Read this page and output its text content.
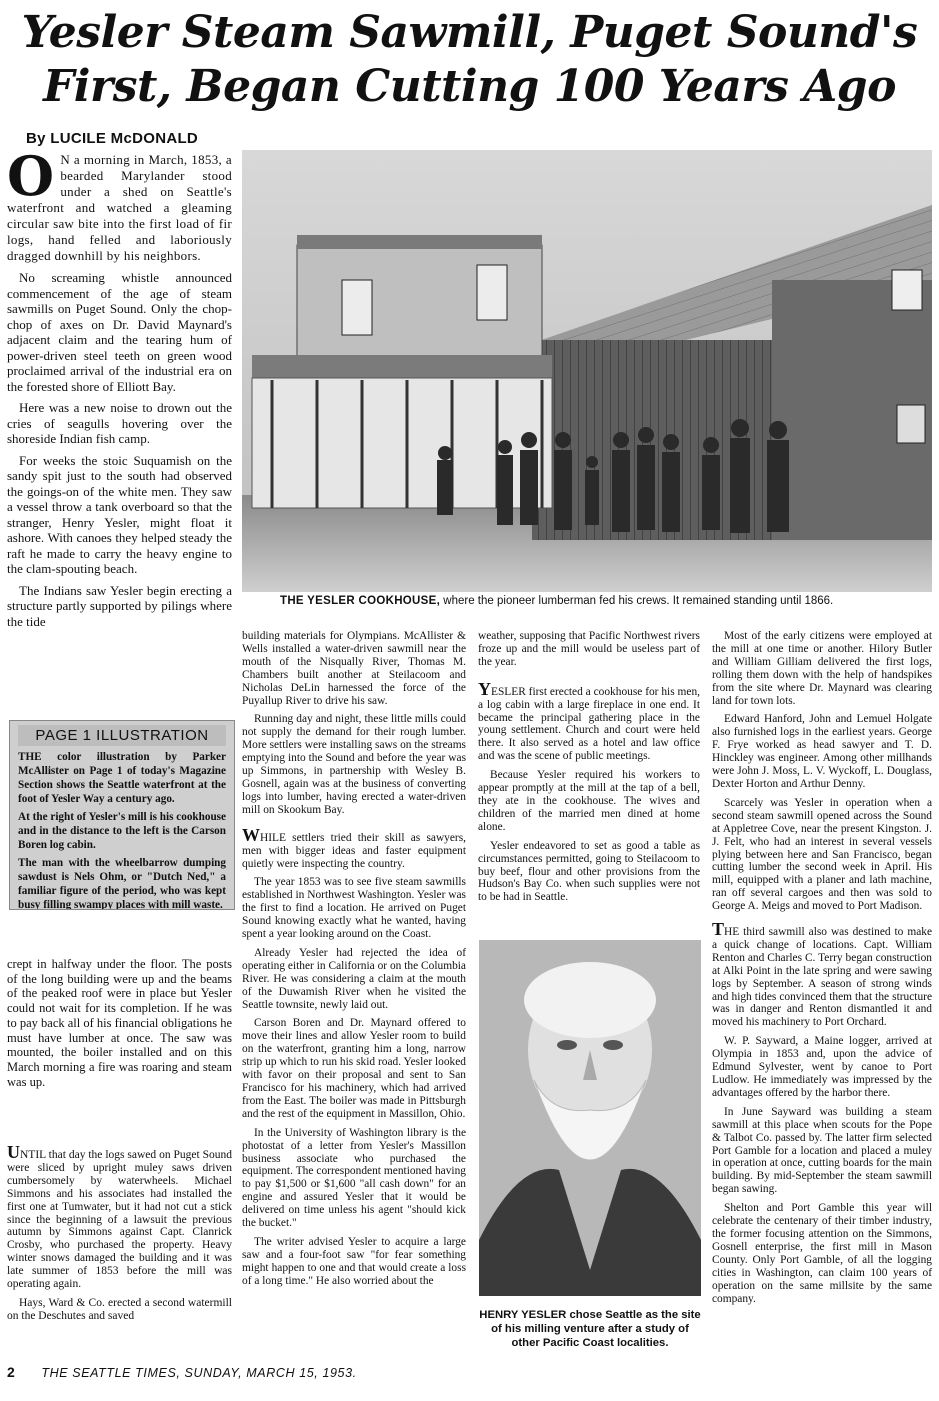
Yesler Steam Sawmill, Puget Sound's First, Began Cutting 100 Years Ago
By LUCILE McDONALD

O N a morning in March, 1853, a bearded Marylander stood under a shed on Seattle's waterfront and watched a gleaming circular saw bite into the first load of fir logs, hand felled and laboriously dragged downhill by his neighbors.

No screaming whistle announced commencement of the age of steam sawmills on Puget Sound. Only the chop-chop of axes on Dr. David Maynard's adjacent claim and the tearing hum of power-driven steel teeth on green wood proclaimed arrival of the industrial era on the forested shore of Elliott Bay.

Here was a new noise to drown out the cries of seagulls hovering over the shoreside Indian fish camp.

For weeks the stoic Suquamish on the sandy spit just to the south had observed the goings-on of the white men. They saw a vessel throw a tank overboard so that the stranger, Henry Yesler, might float it ashore. With canoes they helped steady the raft he made to carry the heavy engine to the clam-spouting beach.

The Indians saw Yesler begin erecting a structure partly supported by pilings where the tide

PAGE 1 ILLUSTRATION

THE color illustration by Parker McAllister on Page 1 of today's Magazine Section shows the Seattle waterfront at the foot of Yesler Way a century ago.

At the right of Yesler's mill is his cookhouse and in the distance to the left is the Carson Boren log cabin.

The man with the wheelbarrow dumping sawdust is Nels Ohm, or "Dutch Ned," a familiar figure of the period, who was kept busy filling swampy places with mill waste.

crept in halfway under the floor. The posts of the long building were up and the beams of the peaked roof were in place but Yesler could not wait for its completion. If he was to pay back all of his financial obligations he must have lumber at once. The saw was mounted, the boiler installed and on this March morning a fire was roaring and steam was up.

UNTIL that day the logs sawed on Puget Sound were sliced by upright muley saws driven cumbersomely by waterwheels. Michael Simmons and his associates had installed the first one at Tumwater, but it had not cut a stick since the beginning of a lawsuit the previous autumn by Simmons against Capt. Clanrick Crosby, who purchased the property. Heavy winter snows damaged the building and it was late summer of 1853 before the mill was operating again.

Hays, Ward & Co. erected a second watermill on the Deschutes and saved

THE YESLER COOKHOUSE, where the pioneer lumberman fed his crews. It remained standing until 1866.

building materials for Olympians. McAllister & Wells installed a water-driven sawmill near the mouth of the Nisqually River, Thomas M. Chambers built another at Steilacoom and Nicholas DeLin harnessed the force of the Puyallup River to drive his saw.

Running day and night, these little mills could not supply the demand for their rough lumber. More settlers were installing saws on the streams emptying into the Sound and before the year was up Simmons, in partnership with Wesley B. Gosnell, again was at the business of converting logs into lumber, having erected a water-driven mill on Skookum Bay.

WHILE settlers tried their skill as sawyers, men with bigger ideas and faster equipment quietly were inspecting the country.

The year 1853 was to see five steam sawmills established in Northwest Washington. Yesler was the first to find a location. He arrived on Puget Sound knowing exactly what he wanted, having spent a year looking around on the Coast.

Already Yesler had rejected the idea of operating either in California or on the Columbia River. He was considering a claim at the mouth of the Duwamish River when he visited the Seattle townsite, newly laid out.

Carson Boren and Dr. Maynard offered to move their lines and allow Yesler room to build on the waterfront, granting him a long, narrow strip up which to run his skid road. Yesler looked with favor on their proposal and sent to San Francisco for his machinery, which had arrived from the East. The boiler was made in Pittsburgh and the rest of the equipment in Massillon, Ohio.

In the University of Washington library is the photostat of a letter from Yesler's Massillon business associate who purchased the equipment. The correspondent mentioned having to pay $1,500 or $1,600 "all cash down" for an engine and assured Yesler that it would be delivered on time unless his agent "should kick the bucket."

The writer advised Yesler to acquire a large saw and a four-foot saw "for fear something might happen to one and that would create a loss of a long time." He also worried about the

weather, supposing that Pacific Northwest rivers froze up and the mill would be useless part of the year.

YESLER first erected a cookhouse for his men, a log cabin with a large fireplace in one end. It became the principal gathering place in the young settlement. Church and court were held there. It also served as a hotel and law office and was the scene of public meetings.

Because Yesler required his workers to appear promptly at the mill at the tap of a bell, they ate in the cookhouse. The wives and children of the married men dined at home alone.

Yesler endeavored to set as good a table as circumstances permitted, going to Steilacoom to buy beef, flour and other provisions from the Hudson's Bay Co. when such supplies were not to be had in Seattle.

HENRY YESLER chose Seattle as the site of his milling venture after a study of other Pacific Coast localities.

Most of the early citizens were employed at the mill at one time or another. Hilory Butler and William Gilliam delivered the first logs, rolling them down with the help of handspikes from the site where Dr. Maynard was clearing land for town lots.

Edward Hanford, John and Lemuel Holgate also furnished logs in the earliest years. George F. Frye worked as head sawyer and T. D. Hinckley was engineer. Among other millhands were John J. Moss, L. V. Wyckoff, L. Douglass, Dexter Horton and Arthur Denny.

Scarcely was Yesler in operation when a second steam sawmill opened across the Sound at Appletree Cove, near the present Kingston. J. J. Felt, who had an interest in several vessels plying between here and San Francisco, began cutting lumber the second week in April. His mill, equipped with a planer and lath machine, ran off several cargoes and then was sold to George A. Meigs and moved to Port Madison.

THE third sawmill also was destined to make a quick change of locations. Capt. William Renton and Charles C. Terry began construction at Alki Point in the late spring and were sawing logs by September. A season of strong winds and high tides convinced them that the structure was in danger and Renton dismantled it and moved his machinery to Port Orchard.

W. P. Sayward, a Maine logger, arrived at Olympia in 1853 and, upon the advice of Edmund Sylvester, went by canoe to Port Ludlow. He immediately was impressed by the advantages offered by the harbor there.

In June Sayward was building a steam sawmill at this place when scouts for the Pope & Talbot Co. passed by. The latter firm selected Port Gamble for a location and placed a muley in operation at once, cutting boards for the main building. By mid-September the steam sawmill began sawing.

Shelton and Port Gamble this year will celebrate the centenary of their timber industry, the former focusing attention on the Simmons, Gosnell enterprise, the first mill in Mason County. Only Port Gamble, of all the logging cities in Washington, can claim 100 years of operation on the same millsite by the same company.

2 THE SEATTLE TIMES, SUNDAY, MARCH 15, 1953.
